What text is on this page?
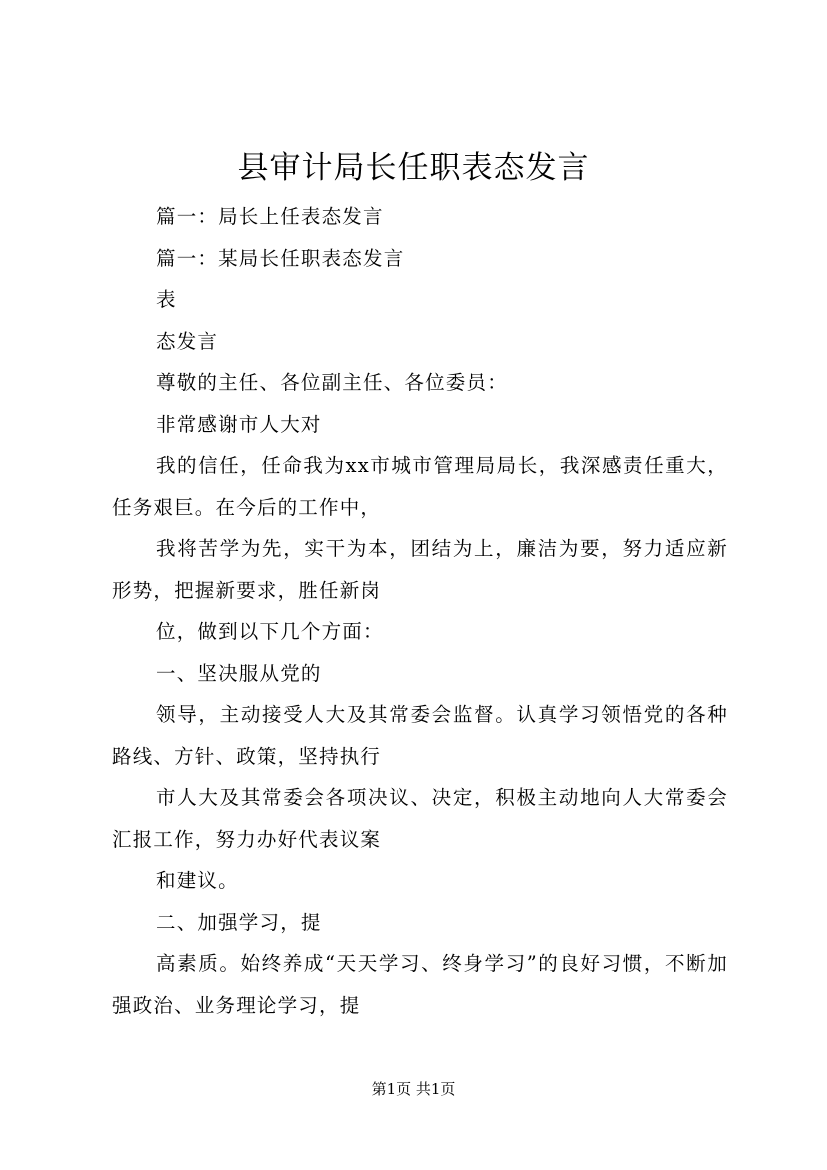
县审计局长任职表态发言

篇一：局长上任表态发言

篇一：某局长任职表态发言

表

态发言

尊敬的主任、各位副主任、各位委员：

非常感谢市人大对

我的信任，任命我为xx市城市管理局局长，我深感责任重大，任务艰巨。在今后的工作中，

我将苦学为先，实干为本，团结为上，廉洁为要，努力适应新形势，把握新要求，胜任新岗

位，做到以下几个方面：

一、坚决服从党的

领导，主动接受人大及其常委会监督。认真学习领悟党的各种路线、方针、政策，坚持执行

市人大及其常委会各项决议、决定，积极主动地向人大常委会汇报工作，努力办好代表议案

和建议。

二、加强学习，提

高素质。始终养成“天天学习、终身学习”的良好习惯，不断加强政治、业务理论学习，提

第1页 共1页
